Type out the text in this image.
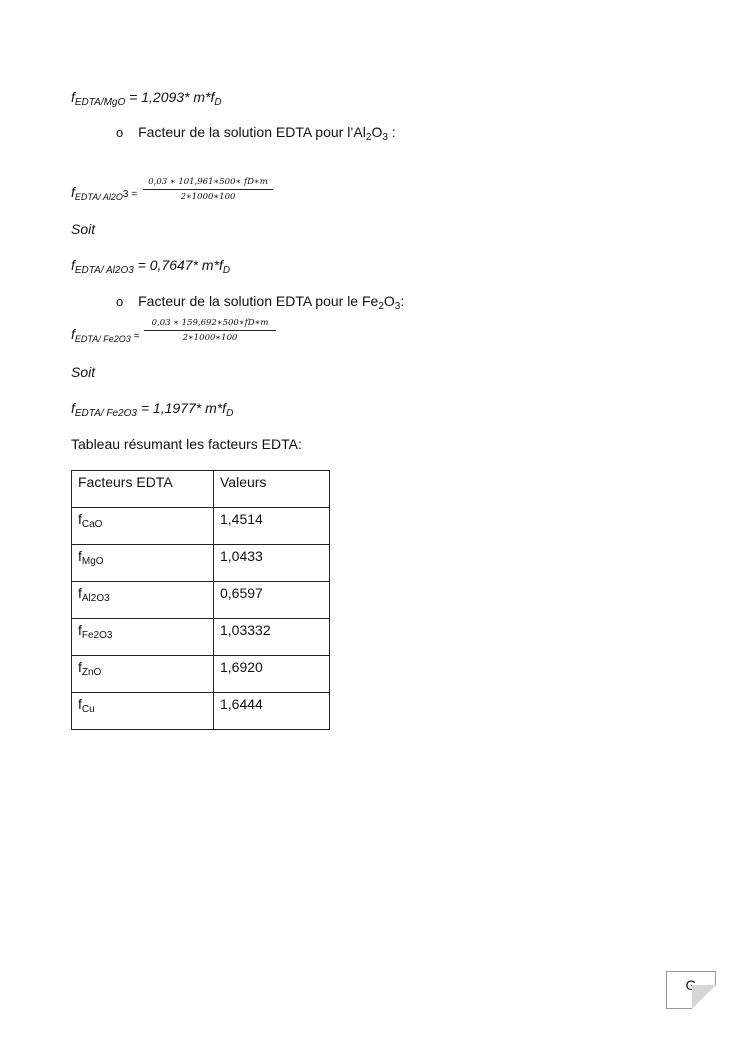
$f_{EDTA/MgO} = 1,2093*$ $m*f_D$
o Facteur de la solution EDTA pour $l’Al_2O_3$ :
$f_{EDTA/ Al2O}3$ =
0,03 ∗ 101,961∗500∗ fD∗m
2∗1000∗100
Soit
$f_{EDTA/ Al2O3} = 0,7647*$ $m*f_D$
o Facteur de la solution EDTA pour le $Fe_2O_3$:
$f_{EDTA/ Fe2O3}$ =
0,03 ∗ 159,692∗500∗fD∗m
2∗1000∗100
Soit
$f_{EDTA/ Fe2O3} = 1,1977*$ $m*f_D$
Tableau résumant les facteurs EDTA:
Facteurs EDTA	Valeurs
$f_{CaO}$	1,4514
$f_{MgO}$	1,0433
$f_{Al2O3}$	0,6597
$f_{Fe2O3}$	1,03332
$f_{ZnO}$	1,6920
$f_{Cu}$	1,6444
G
